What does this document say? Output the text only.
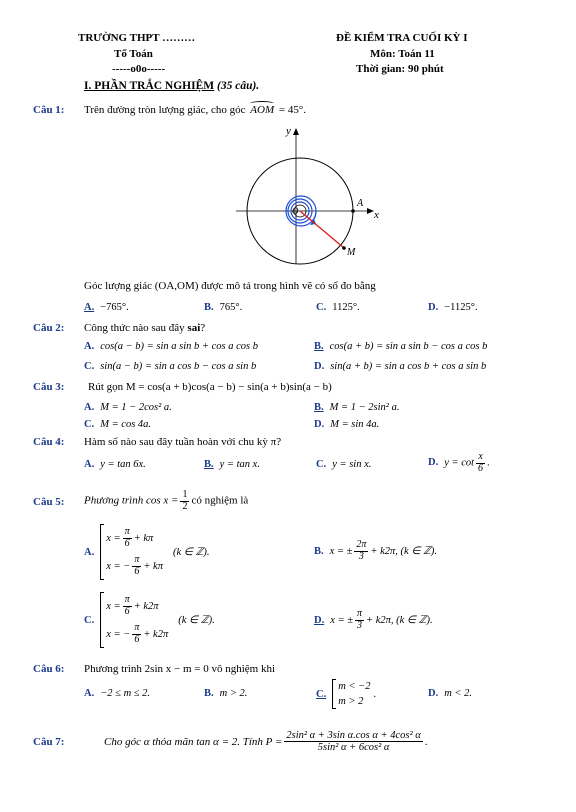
TRƯỜNG THPT ………
Tổ Toán
-----o0o-----
ĐỀ KIỂM TRA CUỐI KỲ I
Môn: Toán 11
Thời gian: 90 phút
I. PHẦN TRẮC NGHIỆM (35 câu).
Câu 1: Trên đường tròn lượng giác, cho góc AOM = 45°.
y
x
O
A
M
Góc lượng giác (OA,OM) được mô tả trong hình vẽ có số đo bằng
A. −765°.	B. 765°.	C. 1125°.	D. −1125°.
Câu 2: Công thức nào sau đây sai?
A. cos(a − b) = sin a sin b + cos a cos b	B. cos(a + b) = sin a sin b − cos a cos b
C. sin(a − b) = sin a cos b − cos a sin b	D. sin(a + b) = sin a cos b + cos a sin b
Câu 3: Rút gọn M = cos(a + b)cos(a − b) − sin(a + b)sin(a − b)
A. M = 1 − 2cos² a.	B. M = 1 − 2sin² a.
C. M = cos 4a.	D. M = sin 4a.
Câu 4: Hàm số nào sau đây tuần hoàn với chu kỳ π?
A. y = tan 6x.	B. y = tan x.	C. y = sin x.	D. $y = \cot \frac{x}{6}$ .
Câu 5: Phương trình $\cos x = \frac{1}{2}$ có nghiệm là
A.
$x = \frac{\pi}{6} + k\pi$
x = − $\frac{\pi}{6} + k\pi$
(k ∈ ℤ).	B. x = ± $\frac{2\pi}{3} + k2\pi$, (k ∈ ℤ).
C.
$x = \frac{\pi}{6} + k2\pi$
x = − $\frac{\pi}{6} + k2\pi$
(k ∈ ℤ).	D. x = ± $\frac{\pi}{3} + k2\pi$, (k ∈ ℤ).
Câu 6: Phương trình 2sin x − m = 0 vô nghiệm khi
A. −2 ≤ m ≤ 2.	B. m > 2.	C.
m < −2
m > 2
.	D. m < 2.
Câu 7:	Cho góc α thỏa mãn tan α = 2. Tính $P = \frac{\text{2sin² α + 3sin α.cos α + 4cos² α}}{\text{5sin² α + 6cos² α}}$ .
